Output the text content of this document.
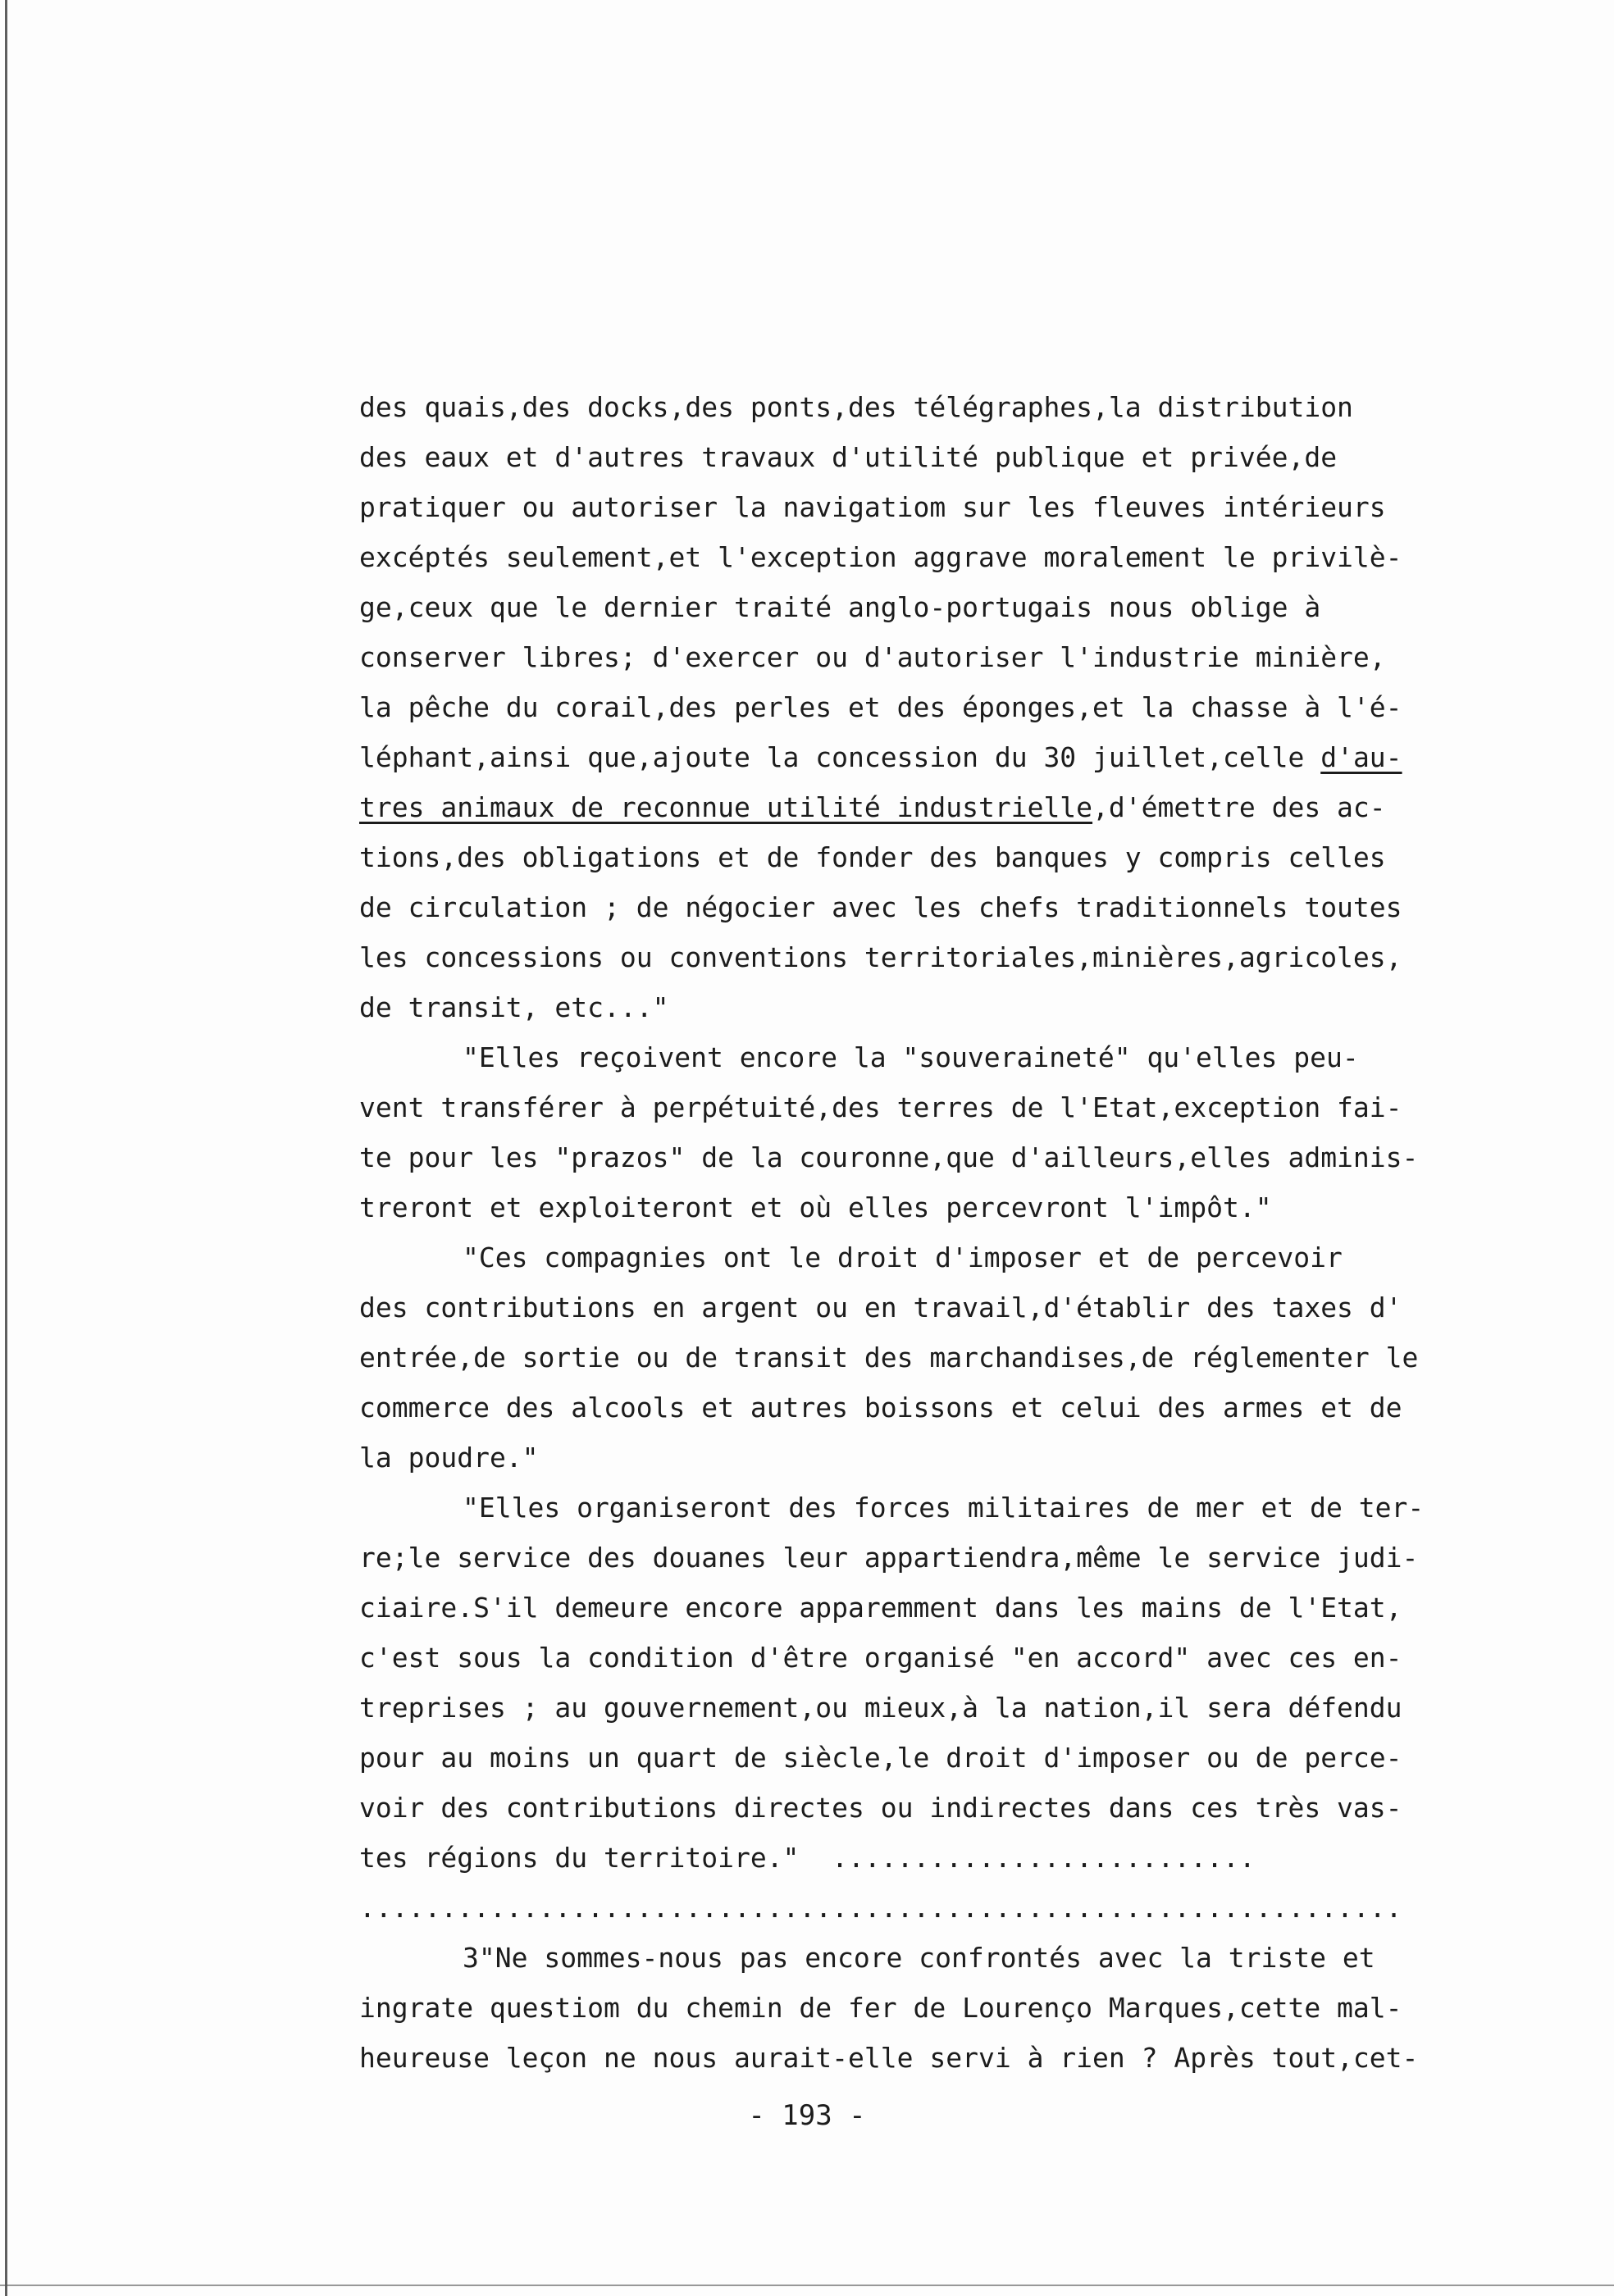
des quais,des docks,des ponts,des télégraphes,la distribution
des eaux et d'autres travaux d'utilité publique et privée,de
pratiquer ou autoriser la navigatiom sur les fleuves intérieurs
excéptés seulement,et l'exception aggrave moralement le privilè-
ge,ceux que le dernier traité anglo-portugais nous oblige à
conserver libres; d'exercer ou d'autoriser l'industrie minière,
la pêche du corail,des perles et des éponges,et la chasse à l'é-
léphant,ainsi que,ajoute la concession du 30 juillet,celle d'au-
tres animaux de reconnue utilité industrielle,d'émettre des ac-
tions,des obligations et de fonder des banques y compris celles
de circulation ; de négocier avec les chefs traditionnels toutes
les concessions ou conventions territoriales,minières,agricoles,
de transit, etc..."
"Elles reçoivent encore la "souveraineté" qu'elles peu-
vent transférer à perpétuité,des terres de l'Etat,exception fai-
te pour les "prazos" de la couronne,que d'ailleurs,elles adminis-
treront et exploiteront et où elles percevront l'impôt."
"Ces compagnies ont le droit d'imposer et de percevoir
des contributions en argent ou en travail,d'établir des taxes d'
entrée,de sortie ou de transit des marchandises,de réglementer le
commerce des alcools et autres boissons et celui des armes et de
la poudre."
"Elles organiseront des forces militaires de mer et de ter-
re;le service des douanes leur appartiendra,même le service judi-
ciaire.S'il demeure encore apparemment dans les mains de l'Etat,
c'est sous la condition d'être organisé "en accord" avec ces en-
treprises ; au gouvernement,ou mieux,à la nation,il sera défendu
pour au moins un quart de siècle,le droit d'imposer ou de perce-
voir des contributions directes ou indirectes dans ces très vas-
tes régions du territoire."  ..........................
................................................................
3"Ne sommes-nous pas encore confrontés avec la triste et
ingrate questiom du chemin de fer de Lourenço Marques,cette mal-
heureuse leçon ne nous aurait-elle servi à rien ? Après tout,cet-
- 193 -
